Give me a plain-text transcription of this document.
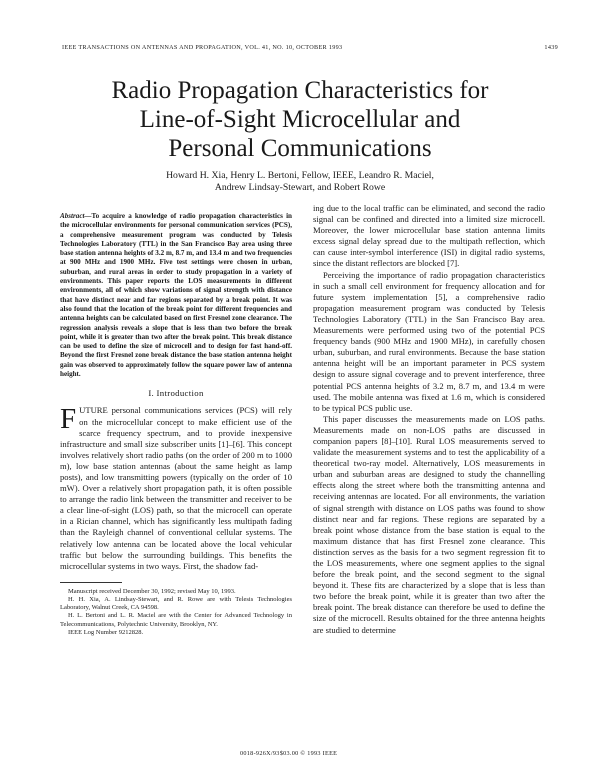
IEEE TRANSACTIONS ON ANTENNAS AND PROPAGATION, VOL. 41, NO. 10, OCTOBER 1993	1439
Radio Propagation Characteristics for
Line-of-Sight Microcellular and
Personal Communications
Howard H. Xia, Henry L. Bertoni, Fellow, IEEE, Leandro R. Maciel,
Andrew Lindsay-Stewart, and Robert Rowe

Abstract—To acquire a knowledge of radio propagation characteristics in the microcellular environments for personal communication services (PCS), a comprehensive measurement program was conducted by Telesis Technologies Laboratory (TTL) in the San Francisco Bay area using three base station antenna heights of 3.2 m, 8.7 m, and 13.4 m and two frequencies at 900 MHz and 1900 MHz. Five test settings were chosen in urban, suburban, and rural areas in order to study propagation in a variety of environments. This paper reports the LOS measurements in different environments, all of which show variations of signal strength with distance that have distinct near and far regions separated by a break point. It was also found that the location of the break point for different frequencies and antenna heights can be calculated based on first Fresnel zone clearance. The regression analysis reveals a slope that is less than two before the break point, while it is greater than two after the break point. This break distance can be used to define the size of microcell and to design for fast hand-off. Beyond the first Fresnel zone break distance the base station antenna height gain was observed to approximately follow the square power law of antenna height.

I. Introduction

FUTURE personal communications services (PCS) will rely on the microcellular concept to make efficient use of the scarce frequency spectrum, and to provide inexpensive infrastructure and small size subscriber units [1]–[6]. This concept involves relatively short radio paths (on the order of 200 m to 1000 m), low base station antennas (about the same height as lamp posts), and low transmitting powers (typically on the order of 10 mW). Over a relatively short propagation path, it is often possible to arrange the radio link between the transmitter and receiver to be a clear line-of-sight (LOS) path, so that the microcell can operate in a Rician channel, which has significantly less multipath fading than the Rayleigh channel of conventional cellular systems. The relatively low antenna can be located above the local vehicular traffic but below the surrounding buildings. This benefits the microcellular systems in two ways. First, the shadow fad-

Manuscript received December 30, 1992; revised May 10, 1993.

H. H. Xia, A. Lindsay-Stewart, and R. Rowe are with Telesis Technologies Laboratory, Walnut Creek, CA 94598.

H. L. Bertoni and L. R. Maciel are with the Center for Advanced Technology in Telecommunications, Polytechnic University, Brooklyn, NY.

IEEE Log Number 9212828.

ing due to the local traffic can be eliminated, and second the radio signal can be confined and directed into a limited size microcell. Moreover, the lower microcellular base station antenna limits excess signal delay spread due to the multipath reflection, which can cause inter-symbol interference (ISI) in digital radio systems, since the distant reflectors are blocked [7].

Perceiving the importance of radio propagation characteristics in such a small cell environment for frequency allocation and for future system implementation [5], a comprehensive radio propagation measurement program was conducted by Telesis Technologies Laboratory (TTL) in the San Francisco Bay area. Measurements were performed using two of the potential PCS frequency bands (900 MHz and 1900 MHz), in carefully chosen urban, suburban, and rural environments. Because the base station antenna height will be an important parameter in PCS system design to assure signal coverage and to prevent interference, three potential PCS antenna heights of 3.2 m, 8.7 m, and 13.4 m were used. The mobile antenna was fixed at 1.6 m, which is considered to be typical PCS public use.

This paper discusses the measurements made on LOS paths. Measurements made on non-LOS paths are discussed in companion papers [8]–[10]. Rural LOS measurements served to validate the measurement systems and to test the applicability of a theoretical two-ray model. Alternatively, LOS measurements in urban and suburban areas are designed to study the channelling effects along the street where both the transmitting antenna and receiving antennas are located. For all environments, the variation of signal strength with distance on LOS paths was found to show distinct near and far regions. These regions are separated by a break point whose distance from the base station is equal to the maximum distance that has first Fresnel zone clearance. This distinction serves as the basis for a two segment regression fit to the LOS measurements, where one segment applies to the signal before the break point, and the second segment to the signal beyond it. These fits are characterized by a slope that is less than two before the break point, while it is greater than two after the break point. The break distance can therefore be used to define the size of the microcell. Results obtained for the three antenna heights are studied to determine

0018-926X/93$03.00 © 1993 IEEE
